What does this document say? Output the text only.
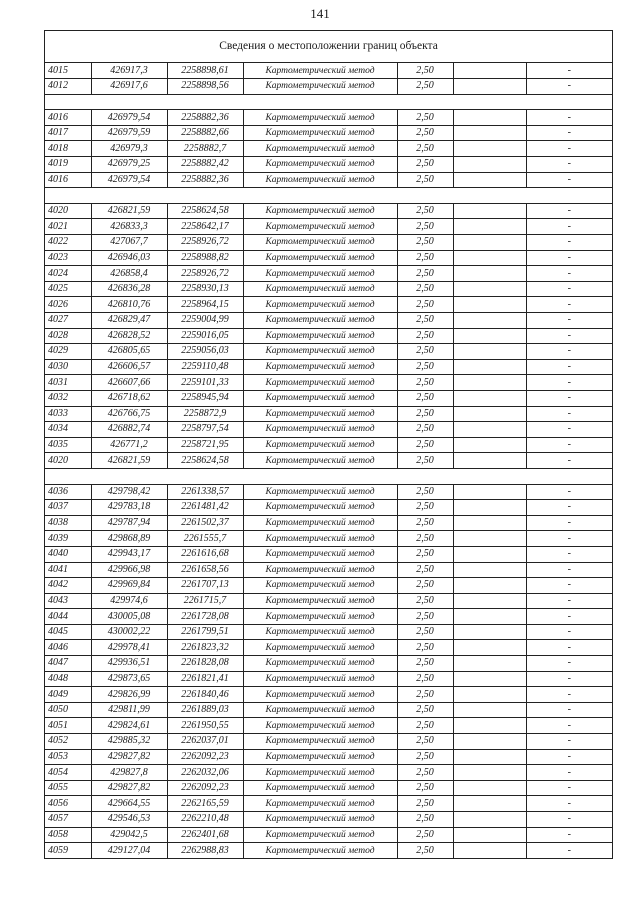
141
Сведения о местоположении границ объекта
4015	426917,3	2258898,61	Картометрический метод	2,50		-
4012	426917,6	2258898,56	Картометрический метод	2,50		-

4016	426979,54	2258882,36	Картометрический метод	2,50		-
4017	426979,59	2258882,66	Картометрический метод	2,50		-
4018	426979,3	2258882,7	Картометрический метод	2,50		-
4019	426979,25	2258882,42	Картометрический метод	2,50		-
4016	426979,54	2258882,36	Картометрический метод	2,50		-

4020	426821,59	2258624,58	Картометрический метод	2,50		-
4021	426833,3	2258642,17	Картометрический метод	2,50		-
4022	427067,7	2258926,72	Картометрический метод	2,50		-
4023	426946,03	2258988,82	Картометрический метод	2,50		-
4024	426858,4	2258926,72	Картометрический метод	2,50		-
4025	426836,28	2258930,13	Картометрический метод	2,50		-
4026	426810,76	2258964,15	Картометрический метод	2,50		-
4027	426829,47	2259004,99	Картометрический метод	2,50		-
4028	426828,52	2259016,05	Картометрический метод	2,50		-
4029	426805,65	2259056,03	Картометрический метод	2,50		-
4030	426606,57	2259110,48	Картометрический метод	2,50		-
4031	426607,66	2259101,33	Картометрический метод	2,50		-
4032	426718,62	2258945,94	Картометрический метод	2,50		-
4033	426766,75	2258872,9	Картометрический метод	2,50		-
4034	426882,74	2258797,54	Картометрический метод	2,50		-
4035	426771,2	2258721,95	Картометрический метод	2,50		-
4020	426821,59	2258624,58	Картометрический метод	2,50		-

4036	429798,42	2261338,57	Картометрический метод	2,50		-
4037	429783,18	2261481,42	Картометрический метод	2,50		-
4038	429787,94	2261502,37	Картометрический метод	2,50		-
4039	429868,89	2261555,7	Картометрический метод	2,50		-
4040	429943,17	2261616,68	Картометрический метод	2,50		-
4041	429966,98	2261658,56	Картометрический метод	2,50		-
4042	429969,84	2261707,13	Картометрический метод	2,50		-
4043	429974,6	2261715,7	Картометрический метод	2,50		-
4044	430005,08	2261728,08	Картометрический метод	2,50		-
4045	430002,22	2261799,51	Картометрический метод	2,50		-
4046	429978,41	2261823,32	Картометрический метод	2,50		-
4047	429936,51	2261828,08	Картометрический метод	2,50		-
4048	429873,65	2261821,41	Картометрический метод	2,50		-
4049	429826,99	2261840,46	Картометрический метод	2,50		-
4050	429811,99	2261889,03	Картометрический метод	2,50		-
4051	429824,61	2261950,55	Картометрический метод	2,50		-
4052	429885,32	2262037,01	Картометрический метод	2,50		-
4053	429827,82	2262092,23	Картометрический метод	2,50		-
4054	429827,8	2262032,06	Картометрический метод	2,50		-
4055	429827,82	2262092,23	Картометрический метод	2,50		-
4056	429664,55	2262165,59	Картометрический метод	2,50		-
4057	429546,53	2262210,48	Картометрический метод	2,50		-
4058	429042,5	2262401,68	Картометрический метод	2,50		-
4059	429127,04	2262988,83	Картометрический метод	2,50		-
